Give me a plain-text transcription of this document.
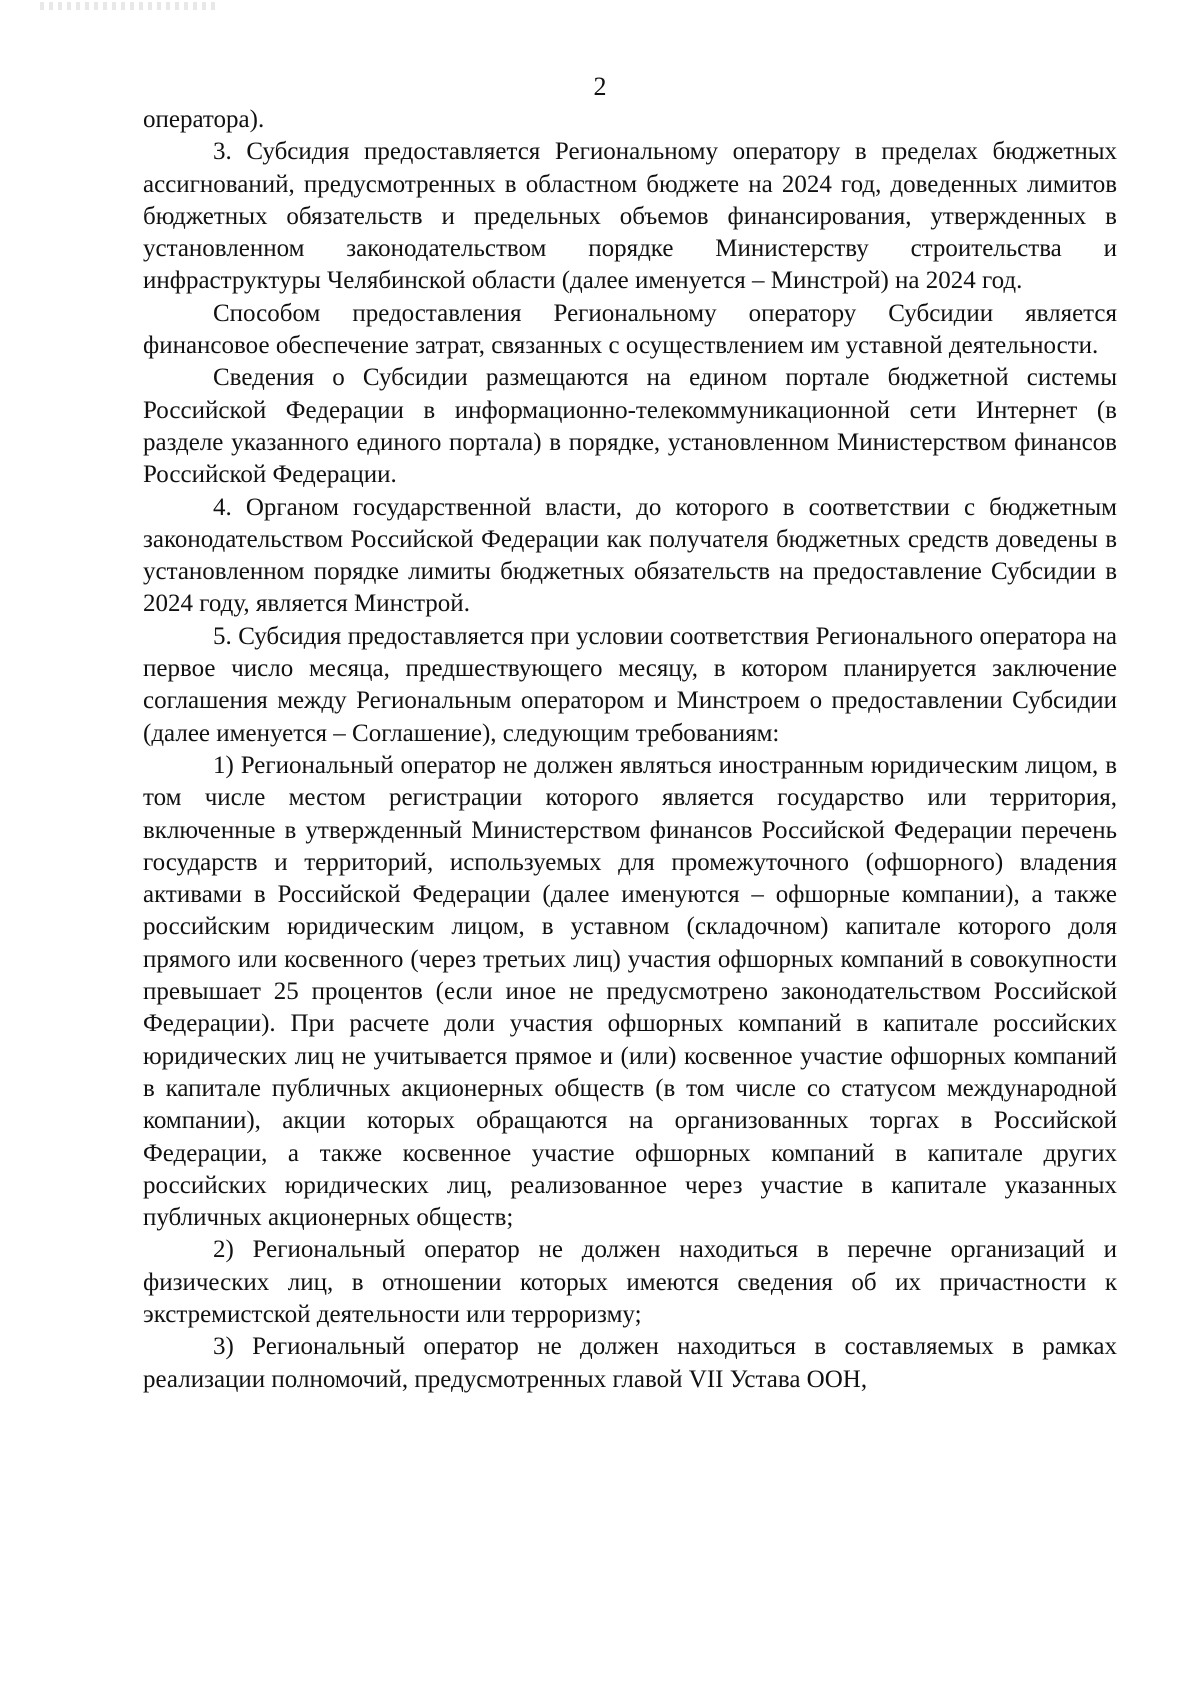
2

оператора).

3. Субсидия предоставляется Региональному оператору в пределах бюджетных ассигнований, предусмотренных в областном бюджете на 2024 год, доведенных лимитов бюджетных обязательств и предельных объемов финансирования, утвержденных в установленном законодательством порядке Министерству строительства и инфраструктуры Челябинской области (далее именуется – Минстрой) на 2024 год.

Способом предоставления Региональному оператору Субсидии является финансовое обеспечение затрат, связанных с осуществлением им уставной деятельности.

Сведения о Субсидии размещаются на едином портале бюджетной системы Российской Федерации в информационно-телекоммуникационной сети Интернет (в разделе указанного единого портала) в порядке, установленном Министерством финансов Российской Федерации.

4. Органом государственной власти, до которого в соответствии с бюджетным законодательством Российской Федерации как получателя бюджетных средств доведены в установленном порядке лимиты бюджетных обязательств на предоставление Субсидии в 2024 году, является Минстрой.

5. Субсидия предоставляется при условии соответствия Регионального оператора на первое число месяца, предшествующего месяцу, в котором планируется заключение соглашения между Региональным оператором и Минстроем о предоставлении Субсидии (далее именуется – Соглашение), следующим требованиям:

1) Региональный оператор не должен являться иностранным юридическим лицом, в том числе местом регистрации которого является государство или территория, включенные в утвержденный Министерством финансов Российской Федерации перечень государств и территорий, используемых для промежуточного (офшорного) владения активами в Российской Федерации (далее именуются – офшорные компании), а также российским юридическим лицом, в уставном (складочном) капитале которого доля прямого или косвенного (через третьих лиц) участия офшорных компаний в совокупности превышает 25 процентов (если иное не предусмотрено законодательством Российской Федерации). При расчете доли участия офшорных компаний в капитале российских юридических лиц не учитывается прямое и (или) косвенное участие офшорных компаний в капитале публичных акционерных обществ (в том числе со статусом международной компании), акции которых обращаются на организованных торгах в Российской Федерации, а также косвенное участие офшорных компаний в капитале других российских юридических лиц, реализованное через участие в капитале указанных публичных акционерных обществ;

2) Региональный оператор не должен находиться в перечне организаций и физических лиц, в отношении которых имеются сведения об их причастности к экстремистской деятельности или терроризму;

3) Региональный оператор не должен находиться в составляемых в рамках реализации полномочий, предусмотренных главой VII Устава ООН,
